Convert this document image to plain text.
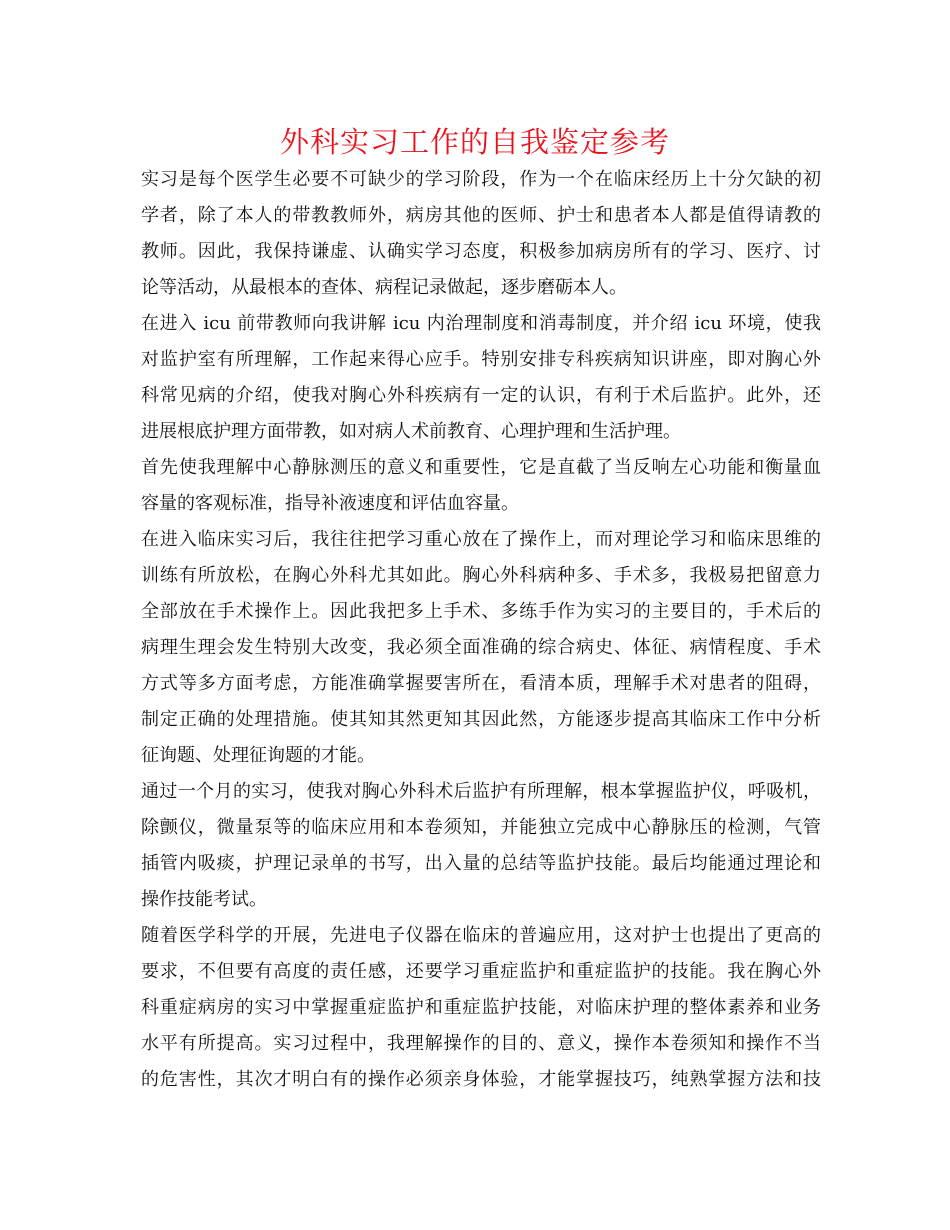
外科实习工作的自我鉴定参考
实习是每个医学生必要不可缺少的学习阶段，作为一个在临床经历上十分欠缺的初
学者，除了本人的带教教师外，病房其他的医师、护士和患者本人都是值得请教的
教师。因此，我保持谦虚、认确实学习态度，积极参加病房所有的学习、医疗、讨
论等活动，从最根本的查体、病程记录做起，逐步磨砺本人。
在进入 icu 前带教师向我讲解 icu 内治理制度和消毒制度，并介绍 icu 环境，使我
对监护室有所理解，工作起来得心应手。特别安排专科疾病知识讲座，即对胸心外
科常见病的介绍，使我对胸心外科疾病有一定的认识，有利于术后监护。此外，还
进展根底护理方面带教，如对病人术前教育、心理护理和生活护理。
首先使我理解中心静脉测压的意义和重要性，它是直截了当反响左心功能和衡量血
容量的客观标准，指导补液速度和评估血容量。
在进入临床实习后，我往往把学习重心放在了操作上，而对理论学习和临床思维的
训练有所放松，在胸心外科尤其如此。胸心外科病种多、手术多，我极易把留意力
全部放在手术操作上。因此我把多上手术、多练手作为实习的主要目的，手术后的
病理生理会发生特别大改变，我必须全面准确的综合病史、体征、病情程度、手术
方式等多方面考虑，方能准确掌握要害所在，看清本质，理解手术对患者的阻碍，
制定正确的处理措施。使其知其然更知其因此然，方能逐步提高其临床工作中分析
征询题、处理征询题的才能。
通过一个月的实习，使我对胸心外科术后监护有所理解，根本掌握监护仪，呼吸机，
除颤仪，微量泵等的临床应用和本卷须知，并能独立完成中心静脉压的检测，气管
插管内吸痰，护理记录单的书写，出入量的总结等监护技能。最后均能通过理论和
操作技能考试。
随着医学科学的开展，先进电子仪器在临床的普遍应用，这对护士也提出了更高的
要求，不但要有高度的责任感，还要学习重症监护和重症监护的技能。我在胸心外
科重症病房的实习中掌握重症监护和重症监护技能，对临床护理的整体素养和业务
水平有所提高。实习过程中，我理解操作的目的、意义，操作本卷须知和操作不当
的危害性，其次才明白有的操作必须亲身体验，才能掌握技巧，纯熟掌握方法和技
